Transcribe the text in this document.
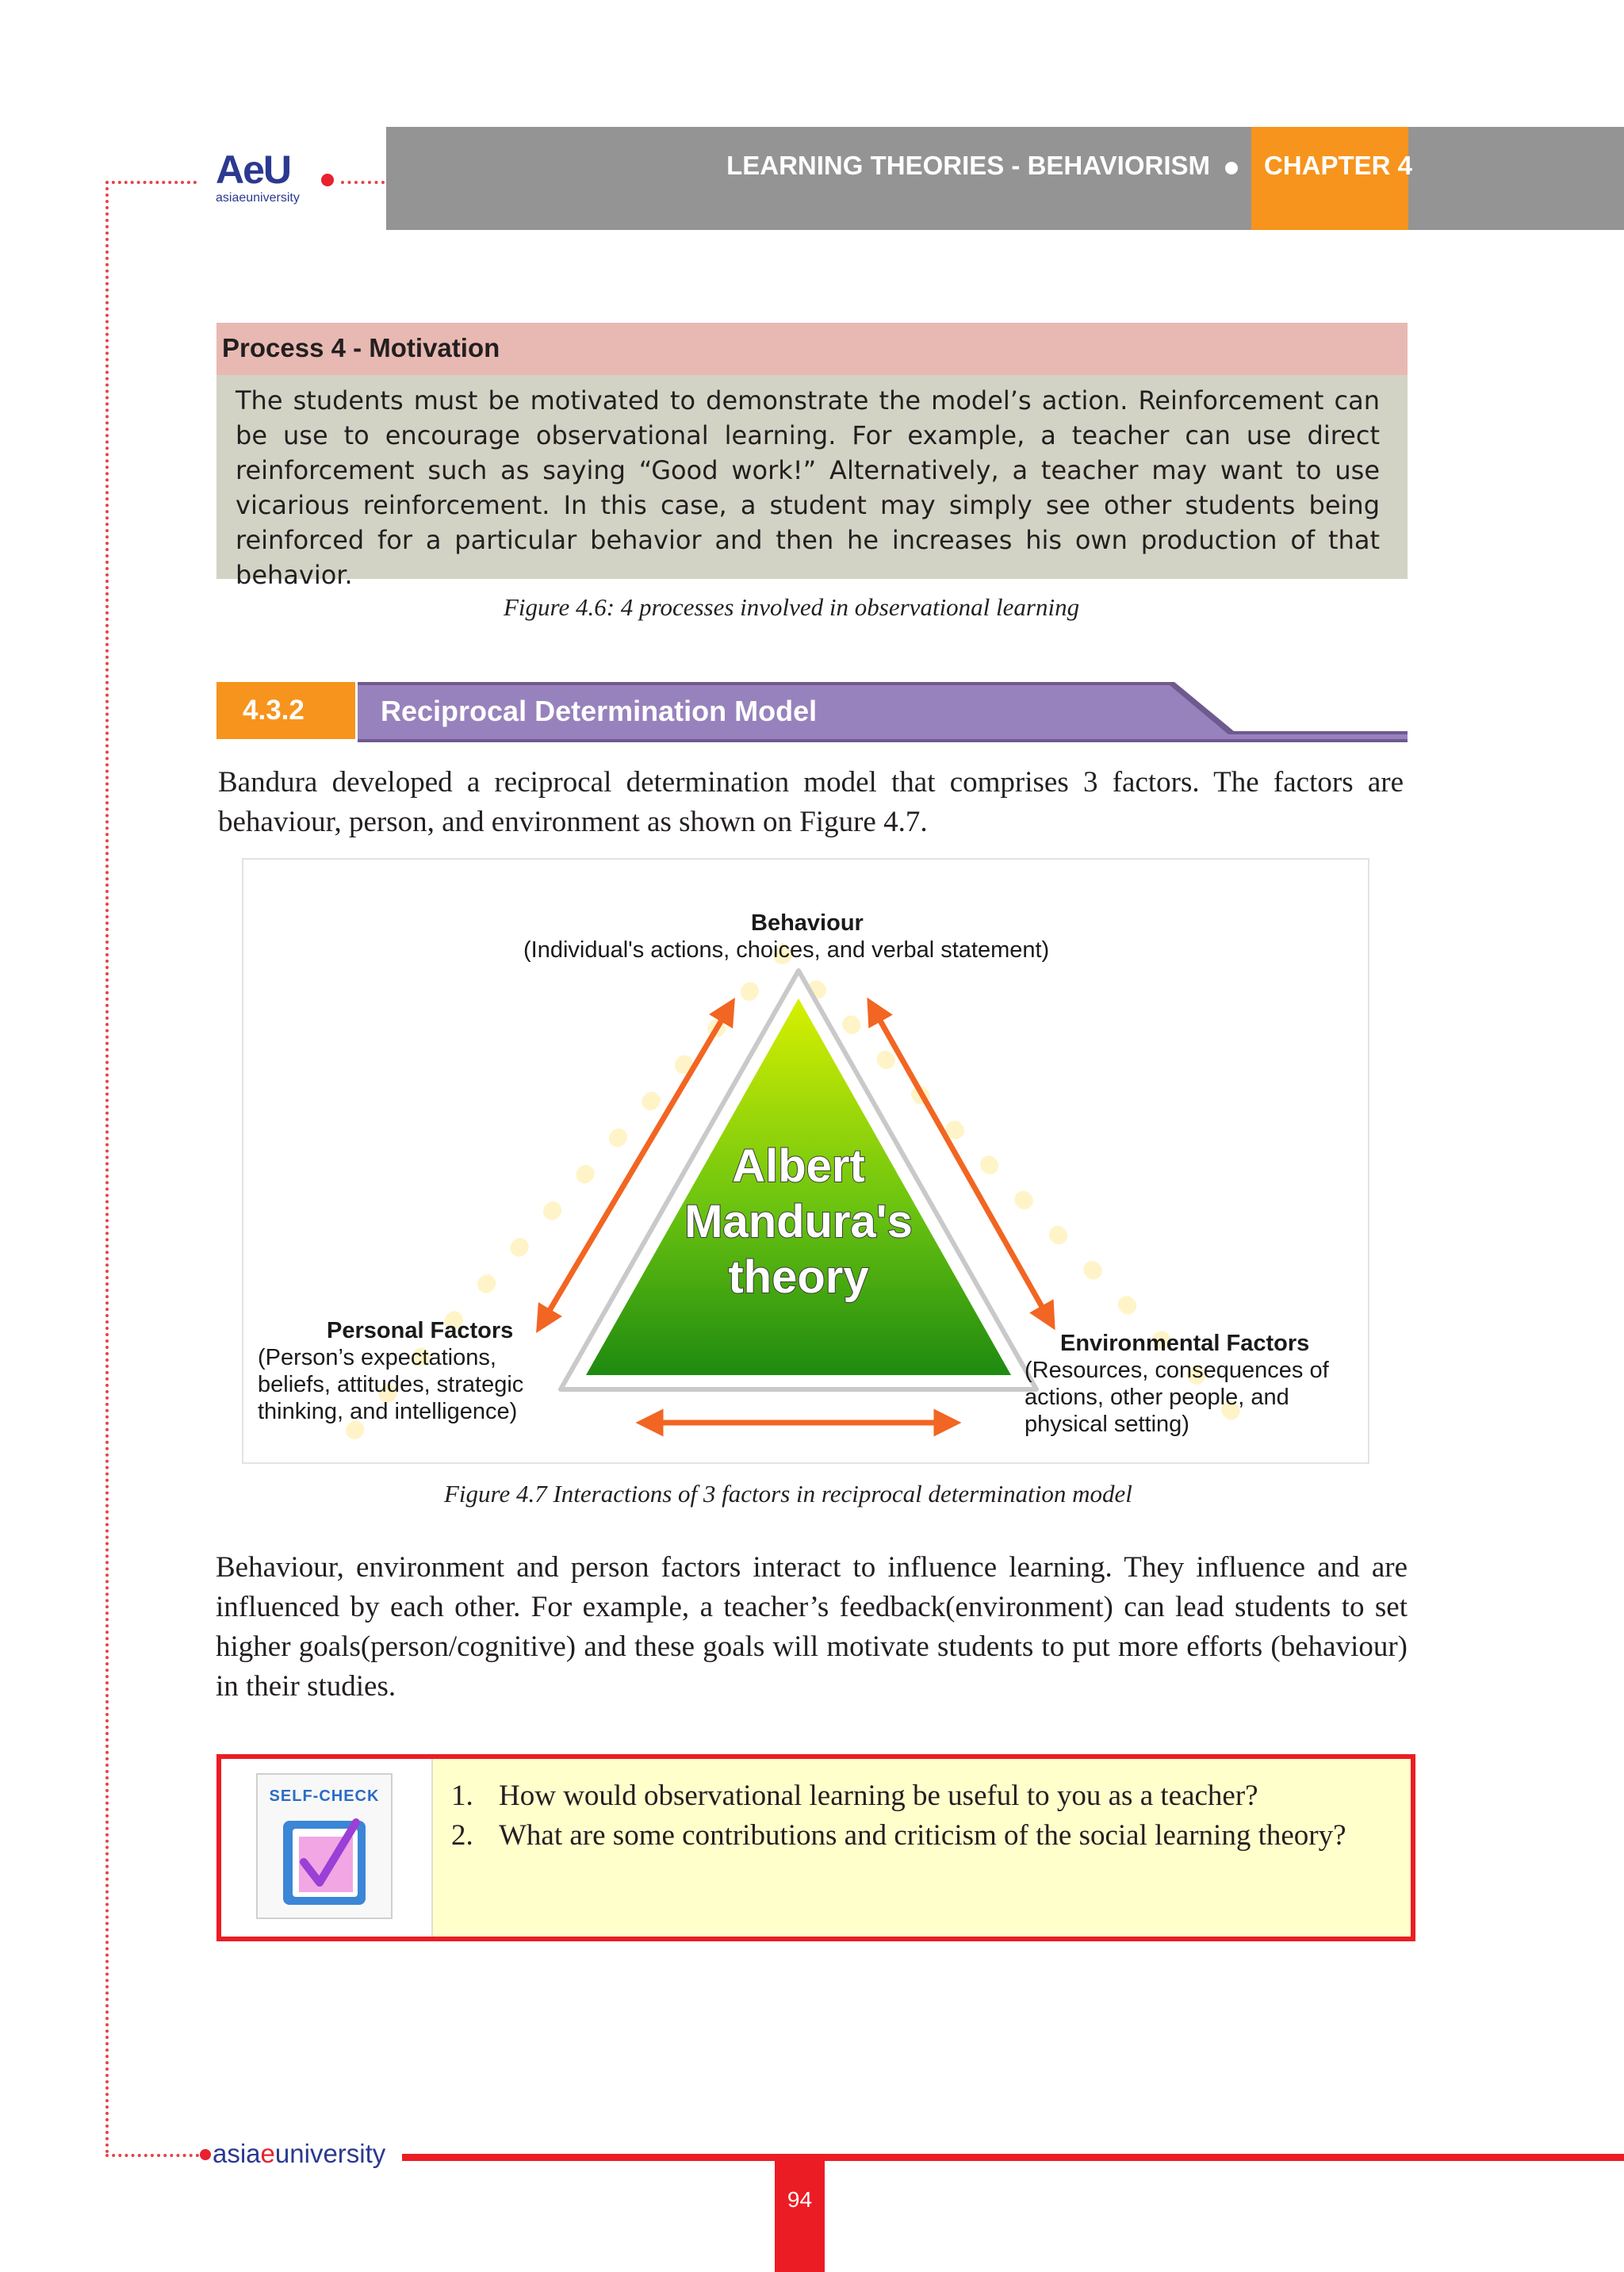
AeU
asiaeuniversity
LEARNING THEORIES - BEHAVIORISM CHAPTER 4
Process 4 - Motivation

The students must be motivated to demonstrate the model’s action. Reinforcement can be use to encourage observational learning. For example, a teacher can use direct reinforcement such as saying “Good work!” Alternatively, a teacher may want to use vicarious reinforcement. In this case, a student may simply see other students being reinforced for a particular behavior and then he increases his own production of that behavior.

Figure 4.6: 4 processes involved in observational learning
4.3.2	Reciprocal Determination Model

Bandura developed a reciprocal determination model that comprises 3 factors. The factors are behaviour, person, and environment as shown on Figure 4.7.

Albert
Mandura's
theory
Behaviour
(Individual's actions, choices, and verbal statement)
Personal Factors
(Person’s expectations,
beliefs, attitudes, strategic
thinking, and intelligence)
Environmental Factors
(Resources, consequences of
actions, other people, and
physical setting)
Figure 4.7 Interactions of 3 factors in reciprocal determination model

Behaviour, environment and person factors interact to influence learning. They influence and are influenced by each other. For example, a teacher’s feedback(environment) can lead students to set higher goals(person/cognitive) and these goals will motivate students to put more efforts (behaviour) in their studies.

SELF-CHECK 1. How would observational learning be useful to you as a teacher?
2. What are some contributions and criticism of the social learning theory?
asiaeuniversity
94
